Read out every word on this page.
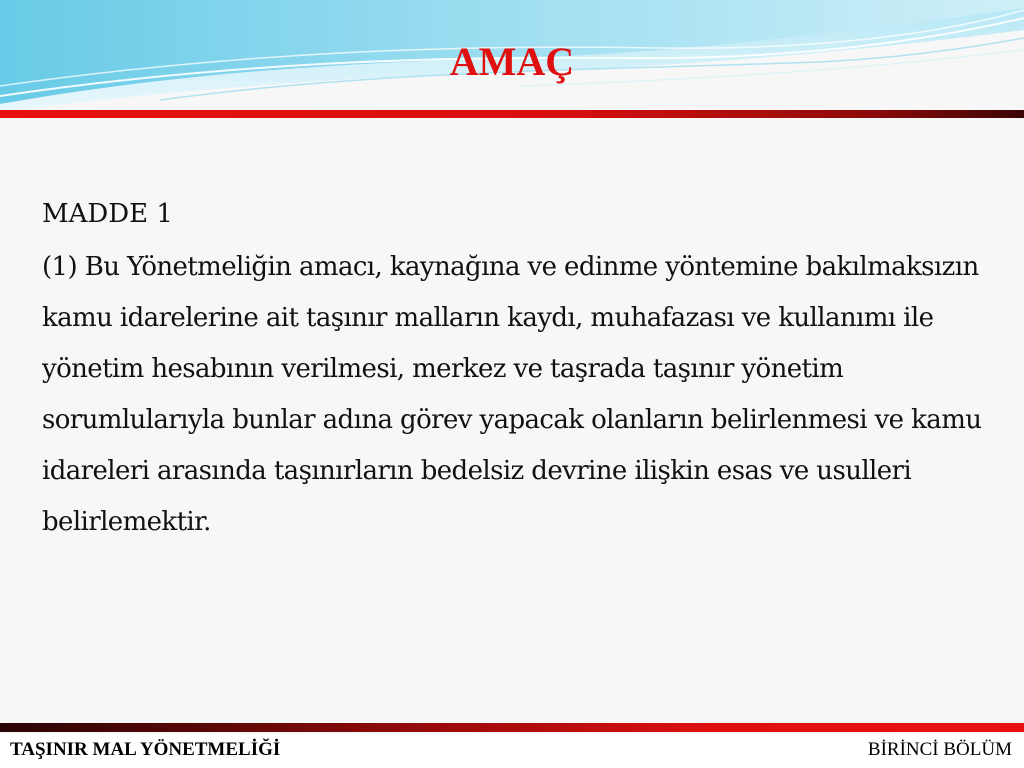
AMAÇ

MADDE 1

(1) Bu Yönetmeliğin amacı, kaynağına ve edinme yöntemine bakılmaksızın kamu idarelerine ait taşınır malların kaydı, muhafazası ve kullanımı ile yönetim hesabının verilmesi, merkez ve taşrada taşınır yönetim sorumlularıyla bunlar adına görev yapacak olanların belirlenmesi ve kamu idareleri arasında taşınırların bedelsiz devrine ilişkin esas ve usulleri belirlemektir.

TAŞINIR MAL YÖNETMELİĞİ	BİRİNCİ BÖLÜM
